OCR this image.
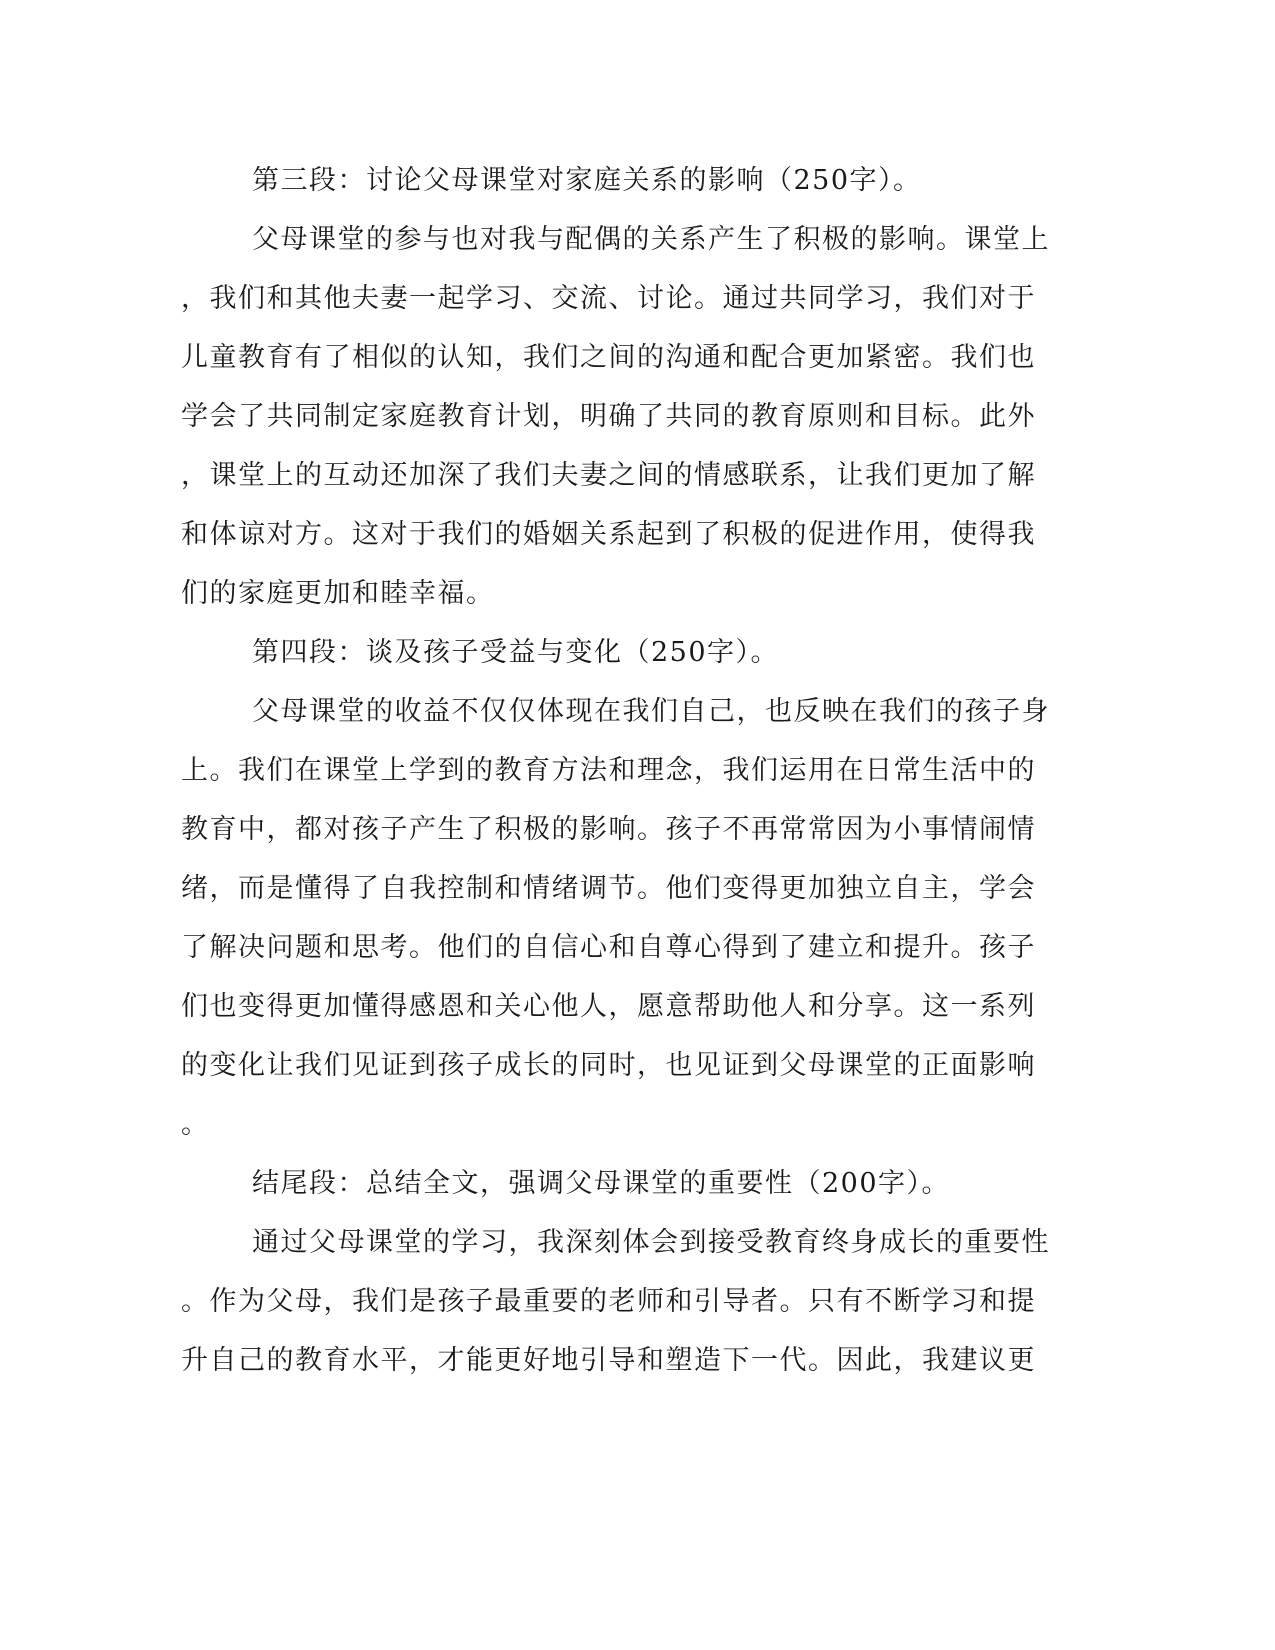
第三段：讨论父母课堂对家庭关系的影响（250字）。
父母课堂的参与也对我与配偶的关系产生了积极的影响。课堂上
，我们和其他夫妻一起学习、交流、讨论。通过共同学习，我们对于
儿童教育有了相似的认知，我们之间的沟通和配合更加紧密。我们也
学会了共同制定家庭教育计划，明确了共同的教育原则和目标。此外
，课堂上的互动还加深了我们夫妻之间的情感联系，让我们更加了解
和体谅对方。这对于我们的婚姻关系起到了积极的促进作用，使得我
们的家庭更加和睦幸福。
第四段：谈及孩子受益与变化（250字）。
父母课堂的收益不仅仅体现在我们自己，也反映在我们的孩子身
上。我们在课堂上学到的教育方法和理念，我们运用在日常生活中的
教育中，都对孩子产生了积极的影响。孩子不再常常因为小事情闹情
绪，而是懂得了自我控制和情绪调节。他们变得更加独立自主，学会
了解决问题和思考。他们的自信心和自尊心得到了建立和提升。孩子
们也变得更加懂得感恩和关心他人，愿意帮助他人和分享。这一系列
的变化让我们见证到孩子成长的同时，也见证到父母课堂的正面影响
。
结尾段：总结全文，强调父母课堂的重要性（200字）。
通过父母课堂的学习，我深刻体会到接受教育终身成长的重要性
。作为父母，我们是孩子最重要的老师和引导者。只有不断学习和提
升自己的教育水平，才能更好地引导和塑造下一代。因此，我建议更
